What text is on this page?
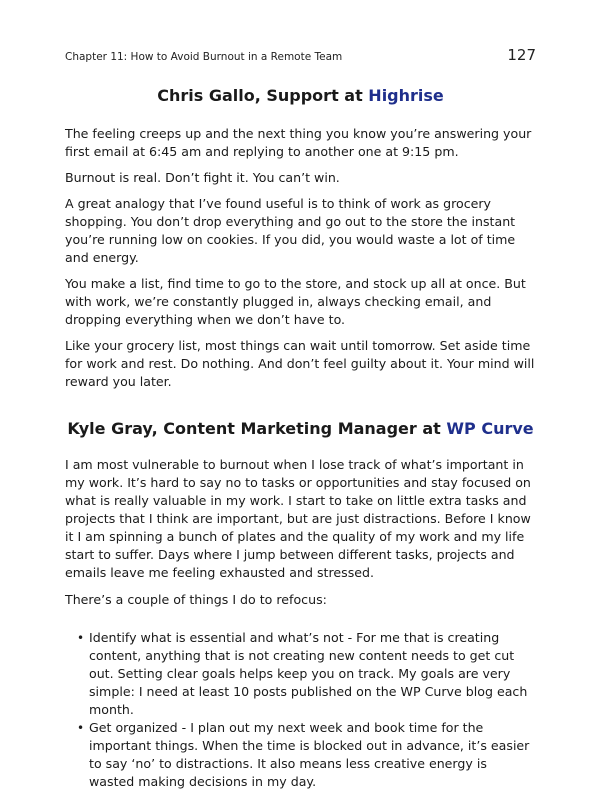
Chapter 11: How to Avoid Burnout in a Remote Team	127
Chris Gallo, Support at Highrise

The feeling creeps up and the next thing you know you’re answering your first email at 6:45 am and replying to another one at 9:15 pm.

Burnout is real. Don’t fight it. You can’t win.

A great analogy that I’ve found useful is to think of work as grocery shopping. You don’t drop everything and go out to the store the instant you’re running low on cookies. If you did, you would waste a lot of time and energy.

You make a list, find time to go to the store, and stock up all at once. But with work, we’re constantly plugged in, always checking email, and dropping everything when we don’t have to.

Like your grocery list, most things can wait until tomorrow. Set aside time for work and rest. Do nothing. And don’t feel guilty about it. Your mind will reward you later.

Kyle Gray, Content Marketing Manager at WP Curve

I am most vulnerable to burnout when I lose track of what’s important in my work. It’s hard to say no to tasks or opportunities and stay focused on what is really valuable in my work. I start to take on little extra tasks and projects that I think are important, but are just distractions. Before I know it I am spinning a bunch of plates and the quality of my work and my life start to suffer. Days where I jump between different tasks, projects and emails leave me feeling exhausted and stressed.

There’s a couple of things I do to refocus:

• Identify what is essential and what’s not - For me that is creating content, anything that is not creating new content needs to get cut out. Setting clear goals helps keep you on track. My goals are very simple: I need at least 10 posts published on the WP Curve blog each month.
• Get organized - I plan out my next week and book time for the important things. When the time is blocked out in advance, it’s easier to say ‘no’ to distractions. It also means less creative energy is wasted making decisions in my day.
